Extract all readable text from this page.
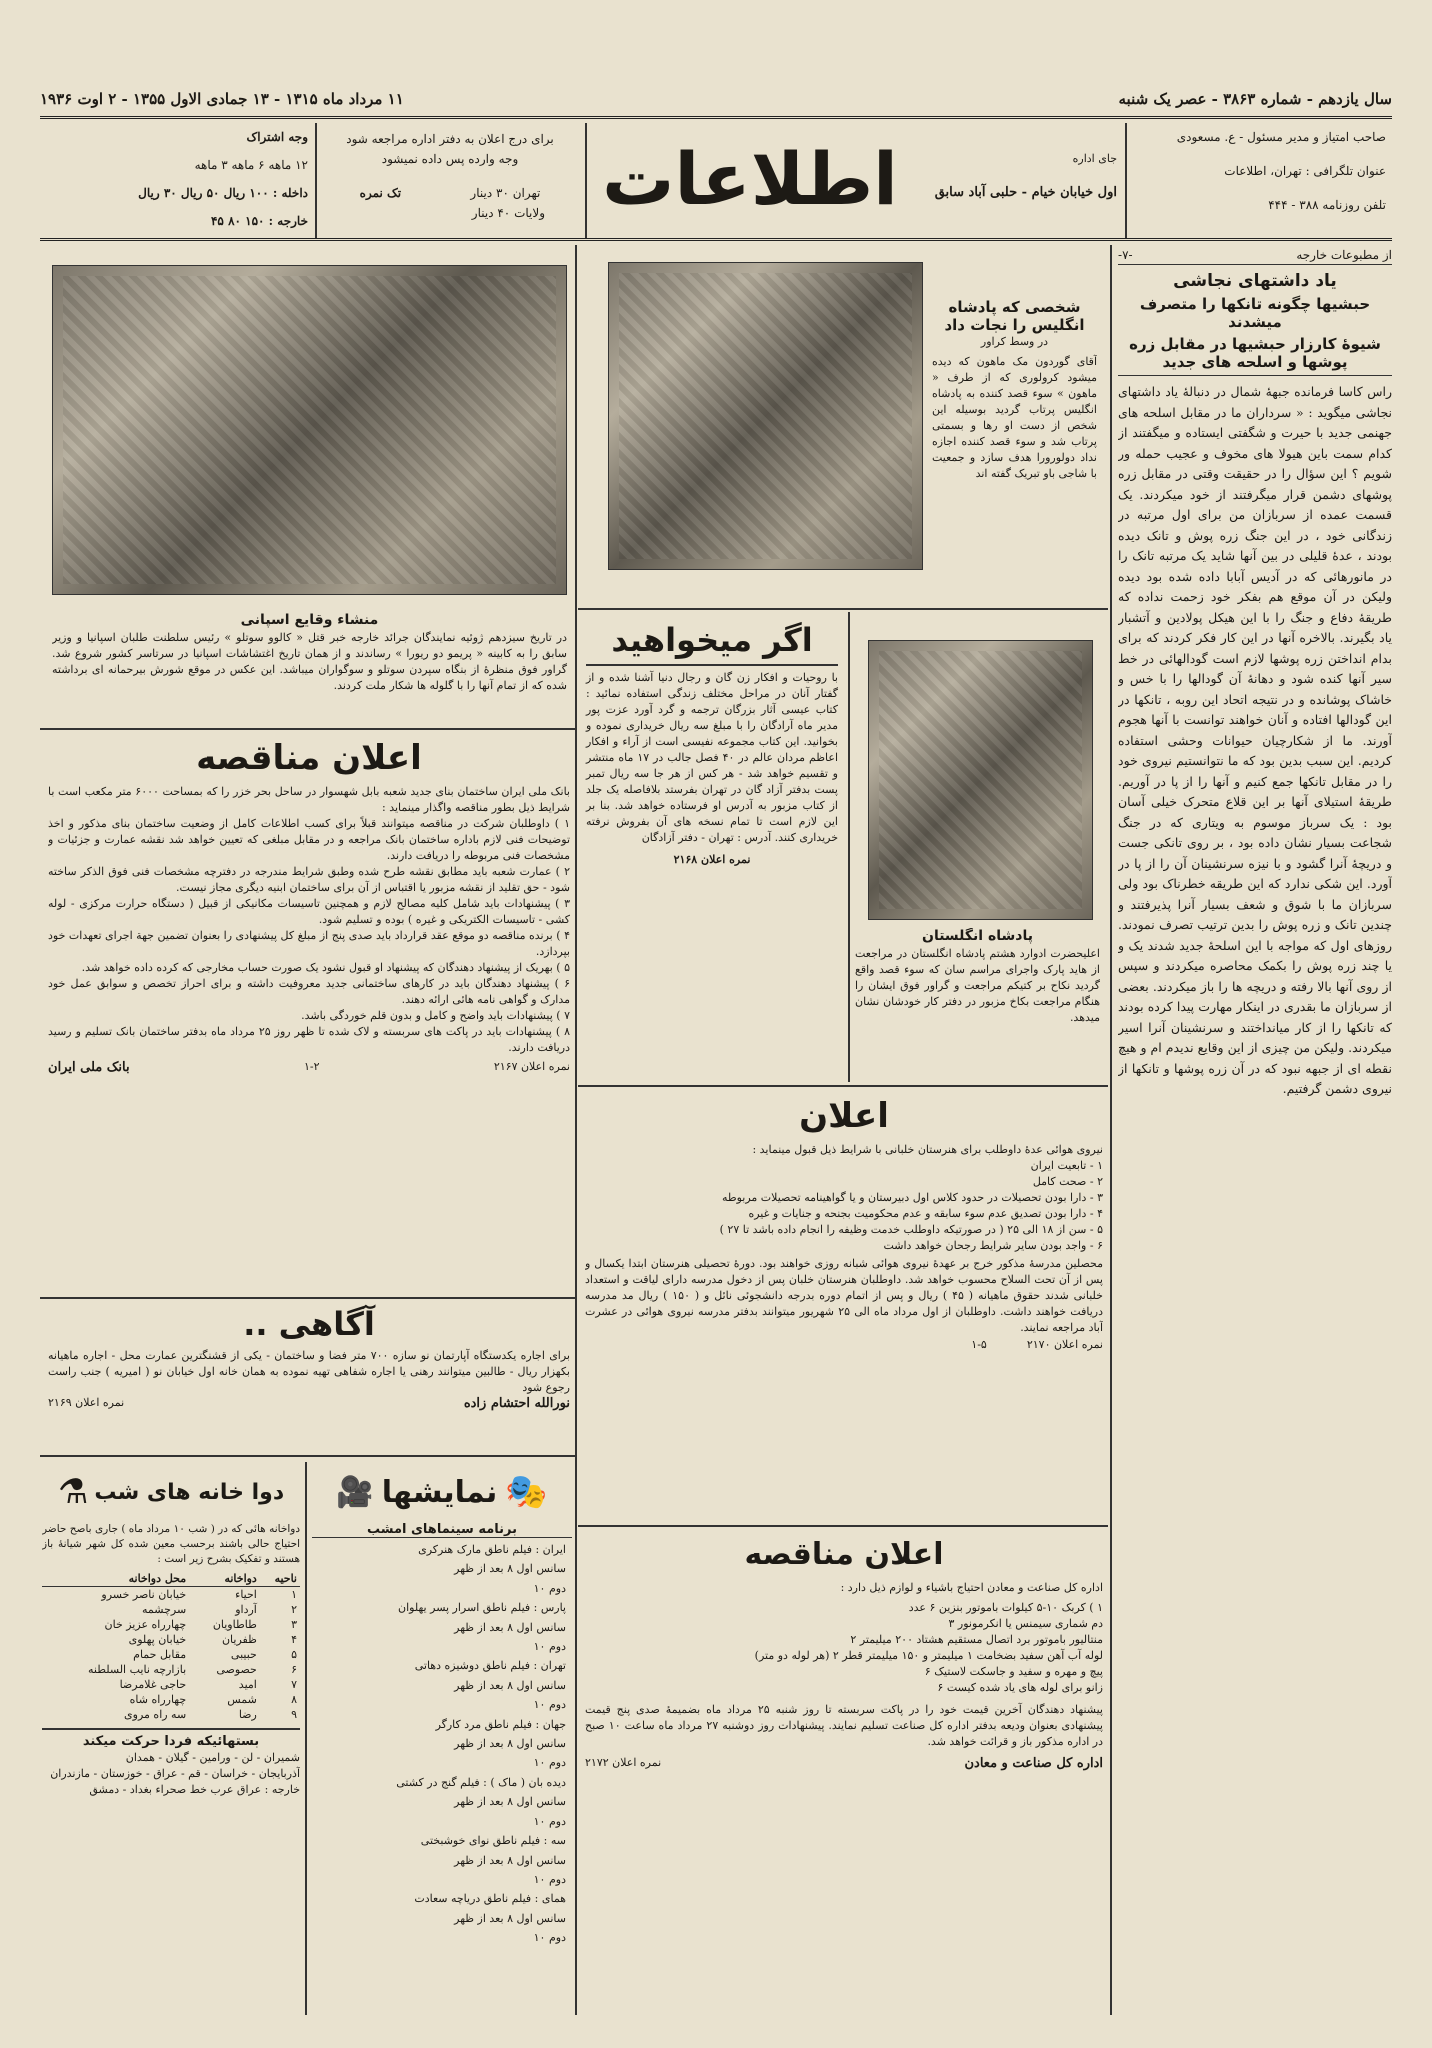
سال یازدهم - شماره ۳۸۶۳ - عصر یک شنبه
۱۱ مرداد ماه ۱۳۱۵ - ۱۳ جمادی الاول ۱۳۵۵ - ۲ اوت ۱۹۳۶
صاحب امتیاز و مدیر مسئول - ع. مسعودی
عنوان تلگرافی : تهران، اطلاعات
تلفن روزنامه ۳۸۸ - ۴۴۴
جای اداره
اول خیابان خیام - حلبی آباد سابق
اطلاعات
برای درج اعلان به دفتر اداره مراجعه شود
وجه وارده پس داده نمیشود
تهران ۳۰ دینار
تک نمره
ولایات ۴۰ دینار
وجه اشتراک
۱۲ ماهه ۶ ماهه ۳ ماهه
داخله : ۱۰۰ ریال ۵۰ ریال ۳۰ ریال
خارجه : ۱۵۰ ۸۰ ۴۵
از مطبوعات خارجه
-۷-
یاد داشتهای نجاشی
حبشیها چگونه تانکها را متصرف میشدند
شیوهٔ کارزار حبشیها در مقابل زره پوشها و اسلحه های جدید
راس کاسا فرمانده جبههٔ شمال در دنبالهٔ یاد داشتهای نجاشی میگوید : « سرداران ما در مقابل اسلحه های جهنمی جدید با حیرت و شگفتی ایستاده و میگفتند از کدام سمت باین هیولا های مخوف و عجیب حمله ور شویم ؟ این سؤال را در حقیقت وقتی در مقابل زره پوشهای دشمن قرار میگرفتند از خود میکردند. یک قسمت عمده از سربازان من برای اول مرتبه در زندگانی خود ، در این جنگ زره پوش و تانک دیده بودند ، عدهٔ قلیلی در بین آنها شاید یک مرتبه تانک را در مانورهائی که در آدیس آبابا داده شده بود دیده ولیکن در آن موقع هم بفکر خود زحمت نداده که طریقهٔ دفاع و جنگ را با این هیکل پولادین و آتشبار یاد بگیرند. بالاخره آنها در این کار فکر کردند که برای بدام انداختن زره پوشها لازم است گودالهائی در خط سیر آنها کنده شود و دهانهٔ آن گودالها را با خس و خاشاک پوشانده و در نتیجه اتحاد این روبه ، تانکها در این گودالها افتاده و آنان خواهند توانست با آنها هجوم آورند. ما از شکارچیان حیوانات وحشی استفاده کردیم. این سبب بدین بود که ما نتوانستیم نیروی خود را در مقابل تانکها جمع کنیم و آنها را از پا در آوریم. طریقهٔ استیلای آنها بر این قلاع متحرک خیلی آسان بود : یک سرباز موسوم به ویتاری که در جنگ شجاعت بسیار نشان داده بود ، بر روی تانکی جست و دریچهٔ آنرا گشود و با نیزه سرنشینان آن را از پا در آورد. این شکی ندارد که این طریقه خطرناک بود ولی سربازان ما با شوق و شعف بسیار آنرا پذیرفتند و چندین تانک و زره پوش را بدین ترتیب تصرف نمودند. روزهای اول که مواجه با این اسلحهٔ جدید شدند یک و یا چند زره پوش را بکمک محاصره میکردند و سپس از روی آنها بالا رفته و دریچه ها را باز میکردند. بعضی از سربازان ما بقدری در اینکار مهارت پیدا کرده بودند که تانکها را از کار میانداختند و سرنشینان آنرا اسیر میکردند. ولیکن من چیزی از این وقایع ندیدم ام و هیچ نقطه ای از جبهه نبود که در آن زره پوشها و تانکها از نیروی دشمن گرفتیم.
شخصی که پادشاه انگلیس را نجات داد
در وسط کراور
آقای گوردون مک ماهون که دیده میشود کرولوری که از طرف « ماهون » سوء قصد کننده به پادشاه انگلیس پرتاب گردید بوسیله این شخص از دست او رها و بسمتی پرتاب شد و سوء قصد کننده اجازه نداد دولورورا هدف سازد و جمعیت با شاجی باو تبریک گفته اند
منشاء وقایع اسپانی
در تاریخ سیزدهم ژوئیه نمایندگان جرائد خارجه خبر قتل « کالوو سوتلو » رئیس سلطنت طلبان اسپانیا و وزیر سابق را به کابینه « پریمو دو ریورا » رساندند و از همان تاریخ اغتشاشات اسپانیا در سرتاسر کشور شروع شد. گراور فوق منظرهٔ از بنگاه سپردن سوتلو و سوگواران میباشد. این عکس در موقع شورش بیرحمانه ای برداشته شده که از تمام آنها را با گلوله ها شکار ملت کردند.
اگر میخواهید
با روحیات و افکار زن گان و رجال دنیا آشنا شده و از گفتار آنان در مراحل مختلف زندگی استفاده نمائید : کتاب عیسی آثار بزرگان ترجمه و گرد آورد عزت پور مدیر ماه آرادگان را با مبلغ سه ریال خریداری نموده و بخوانید. این کتاب مجموعه نفیسی است از آراء و افکار اعاظم مردان عالم در ۴۰ فصل جالب در ۱۷ ماه منتشر و تقسیم خواهد شد - هر کس از هر جا سه ریال تمبر پست بدفتر آزاد گان در تهران بفرستد بلافاصله یک جلد از کتاب مزبور به آدرس او فرستاده خواهد شد. بنا بر این لازم است تا تمام نسخه های آن بفروش نرفته خریداری کنند. آدرس : تهران - دفتر آزادگان
نمره اعلان ۲۱۶۸
پادشاه انگلستان
اعلیحضرت ادوارد هشتم پادشاه انگلستان در مراجعت از هاید پارک واجرای مراسم سان که سوء قصد واقع گردید نکاح بر کتیکم مراجعت و گراور فوق ایشان را هنگام مراجعت بکاخ مزبور در دفتر کار خودشان نشان میدهد.
اعلان مناقصه
بانک ملی ایران ساختمان بنای جدید شعبه بابل شهسوار در ساحل بحر خزر را که بمساحت ۶۰۰۰ متر مکعب است با شرایط ذیل بطور مناقصه واگذار مینماید :
۱ ) داوطلبان شرکت در مناقصه میتوانند قبلاً برای کسب اطلاعات کامل از وضعیت ساختمان بنای مذکور و اخذ توضیحات فنی لازم باداره ساختمان بانک مراجعه و در مقابل مبلغی که تعیین خواهد شد نقشه عمارت و جزئیات و مشخصات فنی مربوطه را دریافت دارند.
۲ ) عمارت شعبه باید مطابق نقشه طرح شده وطبق شرایط مندرجه در دفترچه مشخصات فنی فوق الذکر ساخته شود - حق تقلید از نقشه مزبور یا اقتباس از آن برای ساختمان ابنیه دیگری مجاز نیست.
۳ ) پیشنهادات باید شامل کلیه مصالح لازم و همچنین تاسیسات مکانیکی از قبیل ( دستگاه حرارت مرکزی - لوله کشی - تاسیسات الکتریکی و غیره ) بوده و تسلیم شود.
۴ ) برنده مناقصه دو موقع عقد قرارداد باید صدی پنج از مبلغ کل پیشنهادی را بعنوان تضمین جهة اجرای تعهدات خود بپردازد.
۵ ) بهریک از پیشنهاد دهندگان که پیشنهاد او قبول نشود یک صورت حساب مخارجی که کرده داده خواهد شد.
۶ ) پیشنهاد دهندگان باید در کارهای ساختمانی جدید معروفیت داشته و برای احراز تخصص و سوابق عمل خود مدارک و گواهی نامه هائی ارائه دهند.
۷ ) پیشنهادات باید واضح و کامل و بدون قلم خوردگی باشد.
۸ ) پیشنهادات باید در پاکت های سربسته و لاک شده تا ظهر روز ۲۵ مرداد ماه بدفتر ساختمان بانک تسلیم و رسید دریافت دارند.
نمره اعلان ۲۱۶۷
۱-۲
بانک ملی ایران
آگاهی ..
برای اجاره یکدستگاه آپارتمان نو سازه ۷۰۰ متر فضا و ساختمان - یکی از قشنگترین عمارت محل - اجاره ماهیانه بکهزار ریال - طالبین میتوانند رهنی یا اجاره شفاهی تهیه نموده به همان خانه اول خیابان نو ( امیریه ) جنب راست رجوع شود
نورالله احتشام زاده
نمره اعلان ۲۱۶۹
اعلان
نیروی هوائی عدهٔ داوطلب برای هنرستان خلبانی با شرایط ذیل قبول مینماید :
۱ - تابعیت ایران
۲ - صحت کامل
۳ - دارا بودن تحصیلات در حدود کلاس اول دبیرستان و یا گواهینامه تحصیلات مربوطه
۴ - دارا بودن تصدیق عدم سوء سابقه و عدم محکومیت بجنحه و جنایات و غیره
۵ - سن از ۱۸ الی ۲۵ ( در صورتیکه داوطلب خدمت وظیفه را انجام داده باشد تا ۲۷ )
۶ - واجد بودن سایر شرایط رجحان خواهد داشت
محصلین مدرسهٔ مذکور خرج بر عهدهٔ نیروی هوائی شبانه روزی خواهند بود. دورهٔ تحصیلی هنرستان ابتدا یکسال و پس از آن تحت السلاح محسوب خواهد شد. داوطلبان هنرستان خلبان پس از دخول مدرسه دارای لیاقت و استعداد خلبانی شدند حقوق ماهیانه ( ۴۵ ) ریال و پس از اتمام دوره بدرجه دانشجوئی نائل و ( ۱۵۰ ) ریال مد مدرسه دریافت خواهند داشت. داوطلبان از اول مرداد ماه الی ۲۵ شهریور میتوانند بدفتر مدرسه نیروی هوائی در عشرت آباد مراجعه نمایند.
نمره اعلان ۲۱۷۰
۱-۵
🎭
نمایشها
🎥
برنامه سینماهای امشب
ایران : فیلم ناطق مارک هنرکری
سانس اول ۸ بعد از ظهر
دوم ۱۰
پارس : فیلم ناطق اسرار پسر یهلوان
سانس اول ۸ بعد از ظهر
دوم ۱۰
تهران : فیلم ناطق دوشیزه دهاتی
سانس اول ۸ بعد از ظهر
دوم ۱۰
جهان : فیلم ناطق مرد کارگر
سانس اول ۸ بعد از ظهر
دوم ۱۰
دیده بان ( ماک ) : فیلم گنج در کشتی
سانس اول ۸ بعد از ظهر
دوم ۱۰
سه : فیلم ناطق نوای خوشبختی
سانس اول ۸ بعد از ظهر
دوم ۱۰
همای : فیلم ناطق دریاچه سعادت
سانس اول ۸ بعد از ظهر
دوم ۱۰
دوا خانه های شب
⚗
دواخانه هائی که در ( شب ۱۰ مرداد ماه ) جاری باصح حاضر احتیاج حالی باشند برحسب معین شده کل شهر شیانهٔ باز هستند و تفکیک بشرح زیر است :
ناحیه	دواخانه	محل دواخانه
۱	احیاء	خیابان ناصر خسرو
۲	آرداو	سرچشمه
۳	طاطاویان	چهارراه عزیز خان
۴	ظفریان	خیابان پهلوی
۵	حبیبی	مقابل حمام
۶	حصوصی	بازارچه نایب السلطنه
۷	امید	حاجی غلامرضا
۸	شمس	چهارراه شاه
۹	رضا	سه راه مروی
بستهائیکه فردا حرکت میکند
شمیران - لن - ورامین - گیلان - همدان
آذربایجان - خراسان - قم - عراق - خوزستان - مازندران
خارجه : عراق عرب خط صحراء بغداد - دمشق
اعلان مناقصه
اداره کل صناعت و معادن احتیاج باشیاء و لوازم ذیل دارد :
۱ ) کربک ۱۰-۵ کیلوات باموتور بنزین ۶ عدد
دم شماری سیمنس یا انکرمونور ۳
منتالیور باموتور برد اتصال مستقیم هشتاد ۲۰۰ میلیمتر ۲
لوله آب آهن سفید بضخامت ۱ میلیمتر و ۱۵۰ میلیمتر قطر ۲ (هر لوله دو متر)
پیچ و مهره و سفید و جاسکت لاستیک ۶
زانو برای لوله های یاد شده کیست ۶
پیشنهاد دهندگان آخرین قیمت خود را در پاکت سربسته تا روز شنبه ۲۵ مرداد ماه بضمیمهٔ صدی پنج قیمت پیشنهادی بعنوان ودیعه بدفتر اداره کل صناعت تسلیم نمایند. پیشنهادات روز دوشنبه ۲۷ مرداد ماه ساعت ۱۰ صبح در اداره مذکور باز و قرائت خواهد شد.
اداره کل صناعت و معادن
نمره اعلان ۲۱۷۲
